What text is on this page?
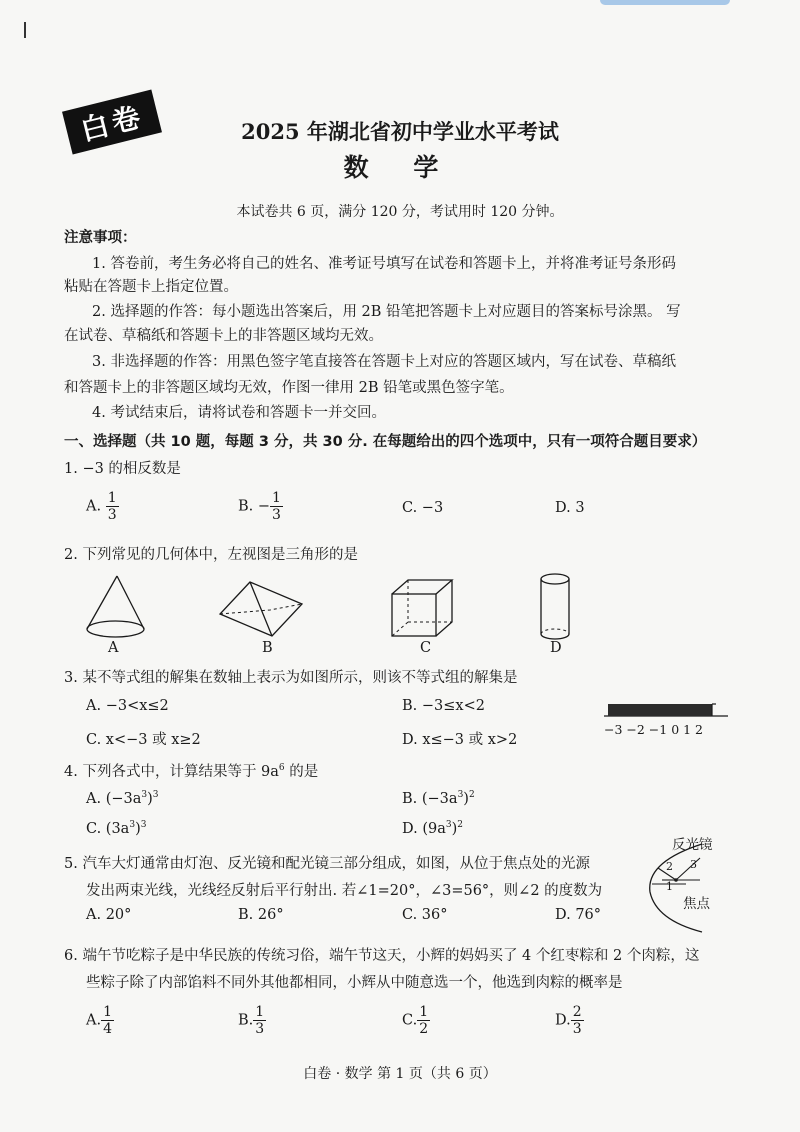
白卷	2025 年湖北省初中学业水平考试
数 学
本试卷共 6 页，满分 120 分，考试用时 120 分钟。
注意事项：
1. 答卷前，考生务必将自己的姓名、准考证号填写在试卷和答题卡上，并将准考证号条形码
粘贴在答题卡上指定位置。
2. 选择题的作答：每小题选出答案后，用 2B 铅笔把答题卡上对应题目的答案标号涂黑。 写
在试卷、草稿纸和答题卡上的非答题区域均无效。
3. 非选择题的作答：用黑色签字笔直接答在答题卡上对应的答题区域内，写在试卷、草稿纸
和答题卡上的非答题区域均无效，作图一律用 2B 铅笔或黑色签字笔。
4. 考试结束后，请将试卷和答题卡一并交回。
一、选择题（共 10 题，每题 3 分，共 30 分. 在每题给出的四个选项中，只有一项符合题目要求）
1. −3 的相反数是
A. $\frac{1}{3}$	B. − $\frac{1}{3}$	C. −3	D. 3
2. 下列常见的几何体中，左视图是三角形的是
A	B	C	D
3. 某不等式组的解集在数轴上表示为如图所示，则该不等式组的解集是
A. −3<x≤2	B. −3≤x<2
C. x<−3 或 x≥2	D. x≤−3 或 x>2
−3 −2 −1 0 1 2
4. 下列各式中，计算结果等于 $9a^6$ 的是
A. $(-3a^3)^3$	B. $(-3a^3)^2$
C. $(3a^3)^3$	D. $(9a^3)^2$
5. 汽车大灯通常由灯泡、反光镜和配光镜三部分组成，如图，从位于焦点处的光源
发出两束光线，光线经反射后平行射出. 若∠1=20°，∠3=56°，则∠2 的度数为
A. 20°	B. 26°	C. 36°	D. 76°
反光镜
焦点
2 3
1
6. 端午节吃粽子是中华民族的传统习俗，端午节这天，小辉的妈妈买了 4 个红枣粽和 2 个肉粽，这
些粽子除了内部馅料不同外其他都相同，小辉从中随意选一个，他选到肉粽的概率是
A. $\frac{1}{4}$	B. $\frac{1}{3}$	C. $\frac{1}{2}$	D. $\frac{2}{3}$
白卷 · 数学 第 1 页（共 6 页）
